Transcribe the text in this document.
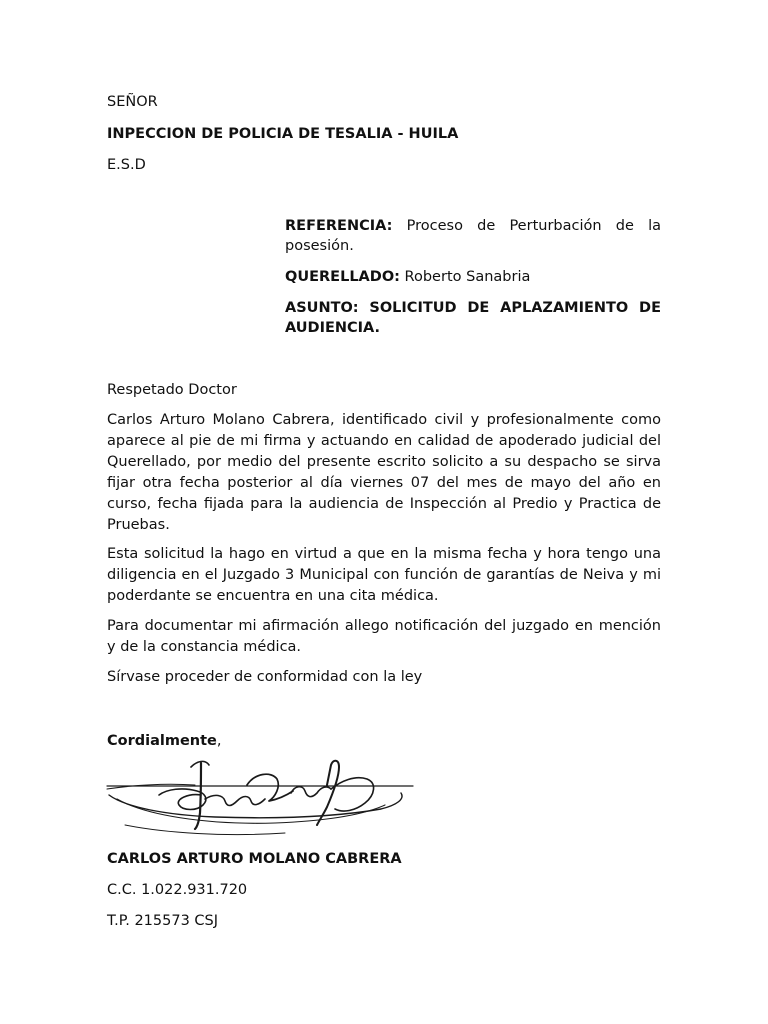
SEÑOR
INPECCION DE POLICIA DE TESALIA - HUILA
E.S.D
REFERENCIA: Proceso de Perturbación de la posesión.
QUERELLADO: Roberto Sanabria
ASUNTO: SOLICITUD DE APLAZAMIENTO DE AUDIENCIA.
Respetado Doctor
Carlos Arturo Molano Cabrera, identificado civil y profesionalmente como aparece al pie de mi firma y actuando en calidad de apoderado judicial del Querellado, por medio del presente escrito solicito a su despacho se sirva fijar otra fecha posterior al día viernes 07 del mes de mayo del año en curso, fecha fijada para la audiencia de Inspección al Predio y Practica de Pruebas.
Esta solicitud la hago en virtud a que en la misma fecha y hora tengo una diligencia en el Juzgado 3 Municipal con función de garantías de Neiva y mi poderdante se encuentra en una cita médica.
Para documentar mi afirmación allego notificación del juzgado en mención y de la constancia médica.
Sírvase proceder de conformidad con la ley
Cordialmente,
CARLOS ARTURO MOLANO CABRERA
C.C. 1.022.931.720
T.P. 215573 CSJ
